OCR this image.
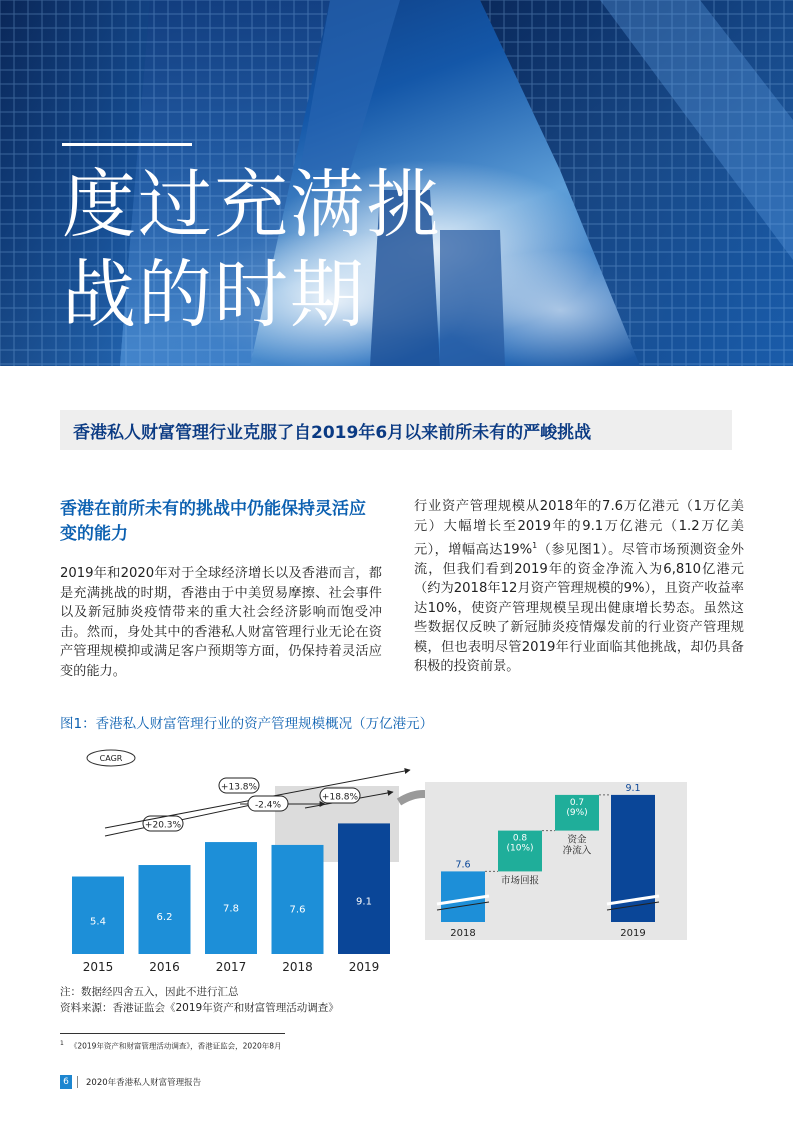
度过充满挑
战的时期
香港私人财富管理行业克服了自2019年6月以来前所未有的严峻挑战

香港在前所未有的挑战中仍能保持灵活应变的能力

2019年和2020年对于全球经济增长以及香港而言，都是充满挑战的时期，香港由于中美贸易摩擦、社会事件以及新冠肺炎疫情带来的重大社会经济影响而饱受冲击。然而，身处其中的香港私人财富管理行业无论在资产管理规模抑或满足客户预期等方面，仍保持着灵活应变的能力。

行业资产管理规模从2018年的7.6万亿港元（1万亿美元）大幅增长至2019年的9.1万亿港元（1.2万亿美元），增幅高达19%$^1$（参见图1）。尽管市场预测资金外流，但我们看到2019年的资金净流入为6,810亿港元（约为2018年12月资产管理规模的9%），且资产收益率达10%，使资产管理规模呈现出健康增长势态。虽然这些数据仅反映了新冠肺炎疫情爆发前的行业资产管理规模，但也表明尽管2019年行业面临其他挑战，却仍具备积极的投资前景。

图1：香港私人财富管理行业的资产管理规模概况（万亿港元）
CAGR
5.4
2015
6.2
2016
7.8
2017
7.6
2018
9.1
2019
+20.3%
+13.8%
-2.4%
+18.8%
7.6
2018
0.8
(10%)
市场回报
0.7
(9%)
资金
净流入
9.1
2019
注：数据经四舍五入，因此不进行汇总
资料来源：香港证监会《2019年资产和财富管理活动调查》
$^1$ 《2019年资产和财富管理活动调查》，香港证监会，2020年8月
6	2020年香港私人财富管理报告
